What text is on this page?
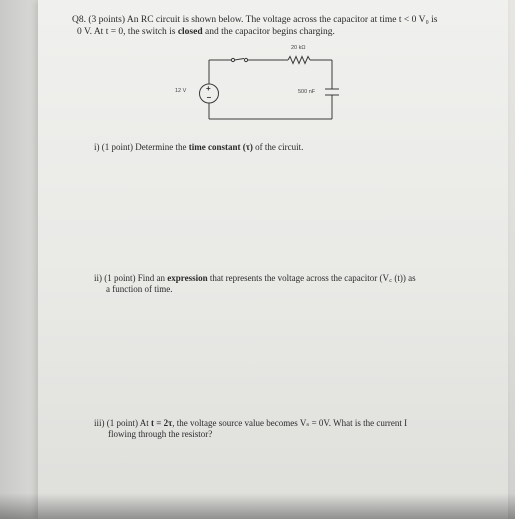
Q8. (3 points) An RC circuit is shown below. The voltage across the capacitor at time t < 0 V₀ is
0 V. At t = 0, the switch is closed and the capacitor begins charging.
20 kΩ
12 V	500 nF
+
−
i) (1 point) Determine the time constant (τ) of the circuit.
ii) (1 point) Find an expression that represents the voltage across the capacitor (V꜀ (t)) as
a function of time.
iii) (1 point) At t = 2τ, the voltage source value becomes Vₛ = 0V. What is the current I
flowing through the resistor?
